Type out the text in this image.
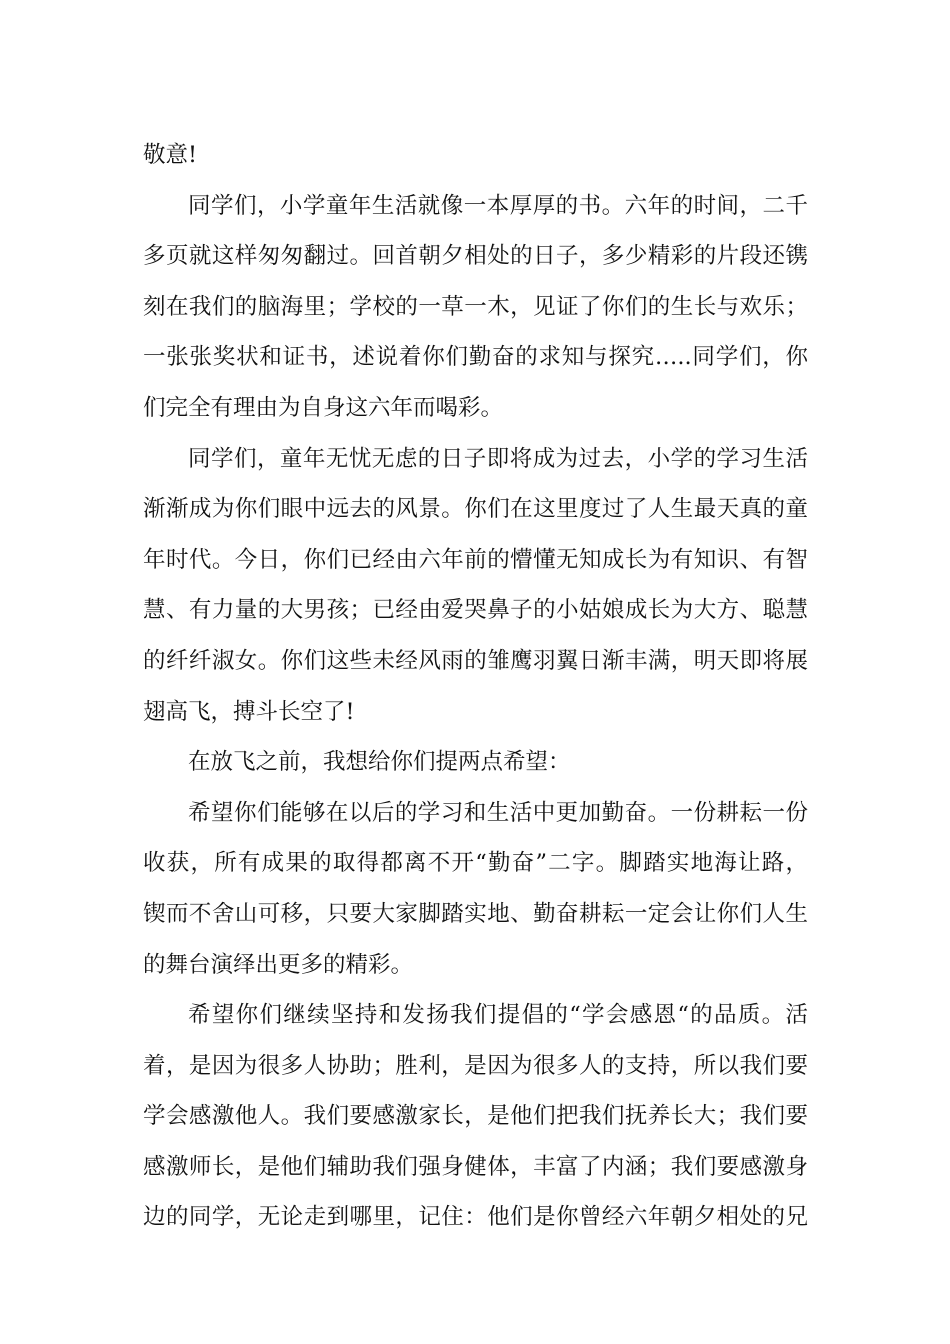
敬意!
同学们，小学童年生活就像一本厚厚的书。六年的时间，二千
多页就这样匆匆翻过。回首朝夕相处的日子，多少精彩的片段还镌
刻在我们的脑海里；学校的一草一木，见证了你们的生长与欢乐；
一张张奖状和证书，述说着你们勤奋的求知与探究…..同学们，你
们完全有理由为自身这六年而喝彩。
同学们，童年无忧无虑的日子即将成为过去，小学的学习生活
渐渐成为你们眼中远去的风景。你们在这里度过了人生最天真的童
年时代。今日，你们已经由六年前的懵懂无知成长为有知识、有智
慧、有力量的大男孩；已经由爱哭鼻子的小姑娘成长为大方、聪慧
的纤纤淑女。你们这些未经风雨的雏鹰羽翼日渐丰满，明天即将展
翅高飞，搏斗长空了!
在放飞之前，我想给你们提两点希望：
希望你们能够在以后的学习和生活中更加勤奋。一份耕耘一份
收获，所有成果的取得都离不开“勤奋”二字。脚踏实地海让路，
锲而不舍山可移，只要大家脚踏实地、勤奋耕耘一定会让你们人生
的舞台演绎出更多的精彩。
希望你们继续坚持和发扬我们提倡的“学会感恩“的品质。活
着，是因为很多人协助；胜利，是因为很多人的支持，所以我们要
学会感激他人。我们要感激家长，是他们把我们抚养长大；我们要
感激师长，是他们辅助我们强身健体，丰富了内涵；我们要感激身
边的同学，无论走到哪里，记住：他们是你曾经六年朝夕相处的兄
